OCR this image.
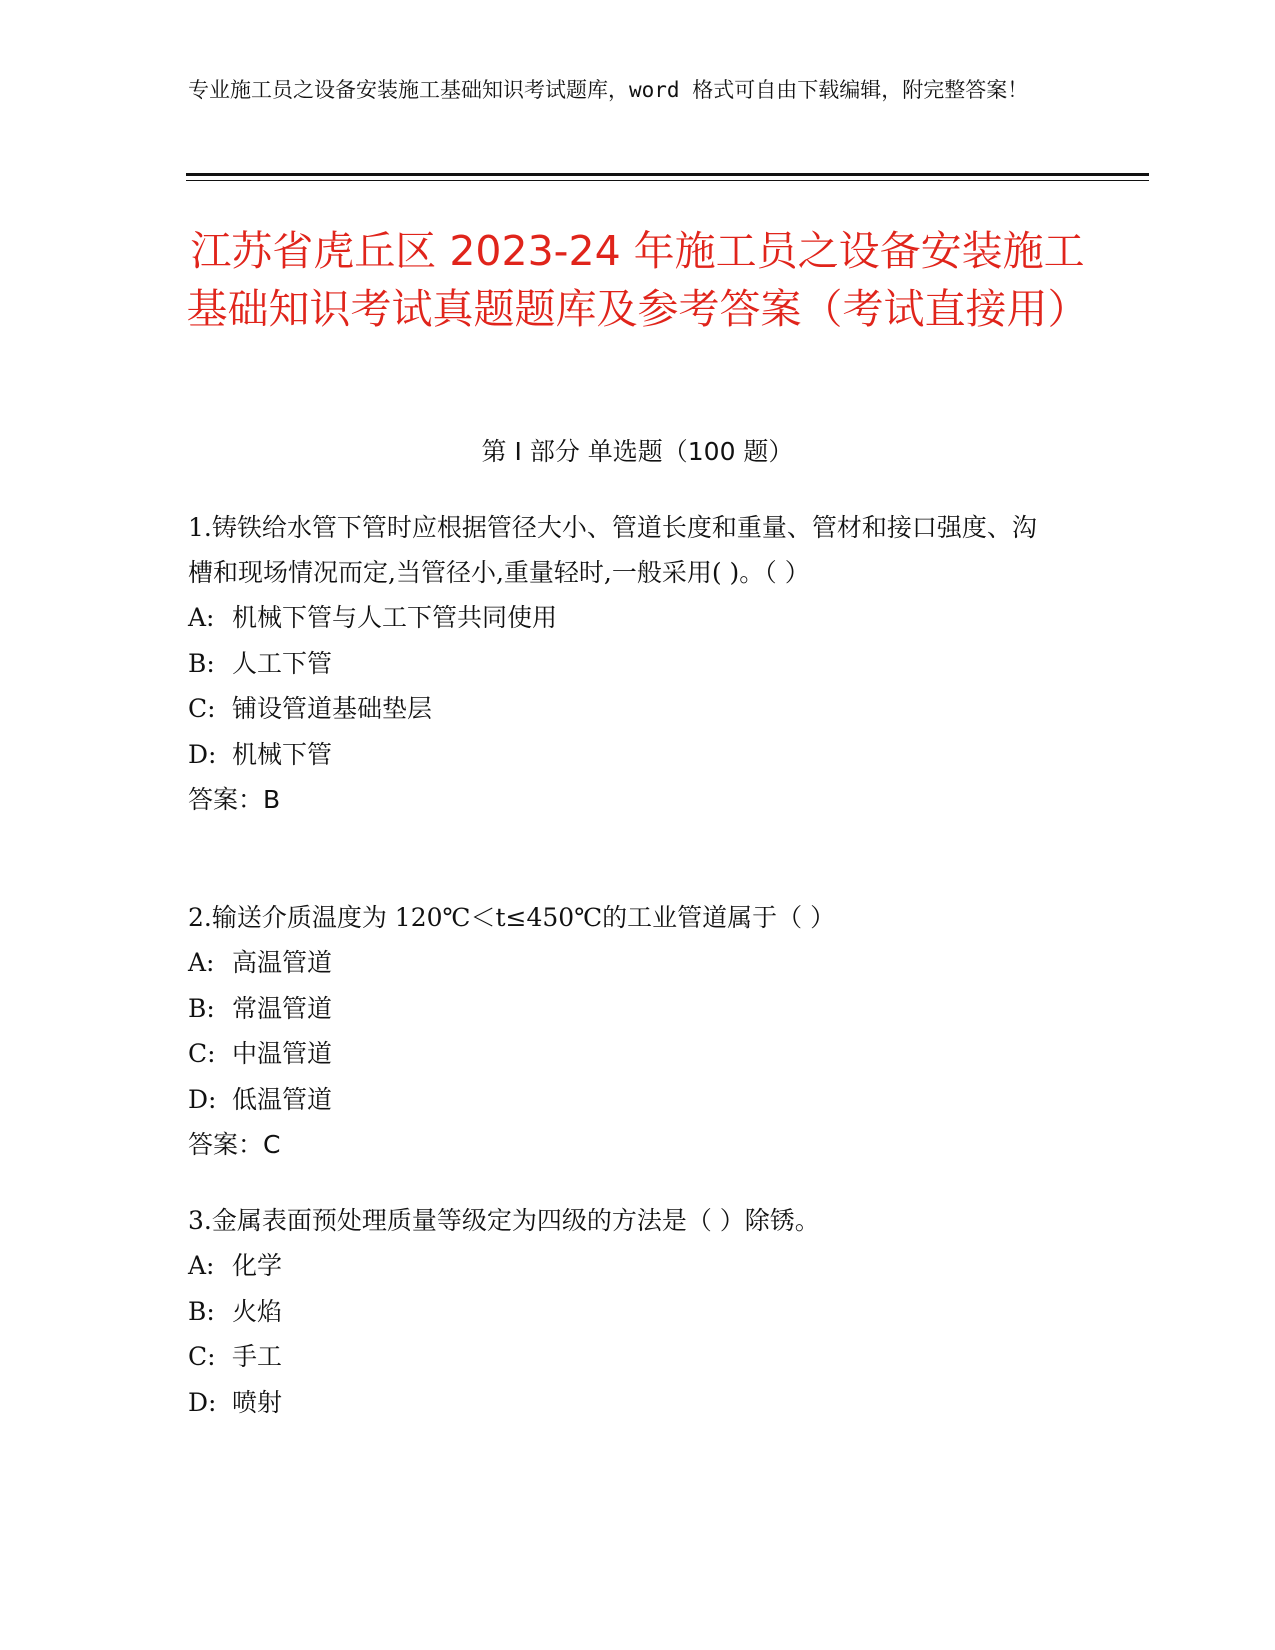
专业施工员之设备安装施工基础知识考试题库，word 格式可自由下载编辑，附完整答案！
江苏省虎丘区 2023-24 年施工员之设备安装施工基础知识考试真题题库及参考答案（考试直接用）
第 I 部分 单选题（100 题）
1.铸铁给水管下管时应根据管径大小、管道长度和重量、管材和接口强度、沟槽和现场情况而定,当管径小,重量轻时,一般采用( )。（ ）
A: 机械下管与人工下管共同使用
B: 人工下管
C: 铺设管道基础垫层
D: 机械下管
答案：B
2.输送介质温度为 120℃＜t≤450℃的工业管道属于（ ）
A: 高温管道
B: 常温管道
C: 中温管道
D: 低温管道
答案：C
3.金属表面预处理质量等级定为四级的方法是（ ）除锈。
A: 化学
B: 火焰
C: 手工
D: 喷射
